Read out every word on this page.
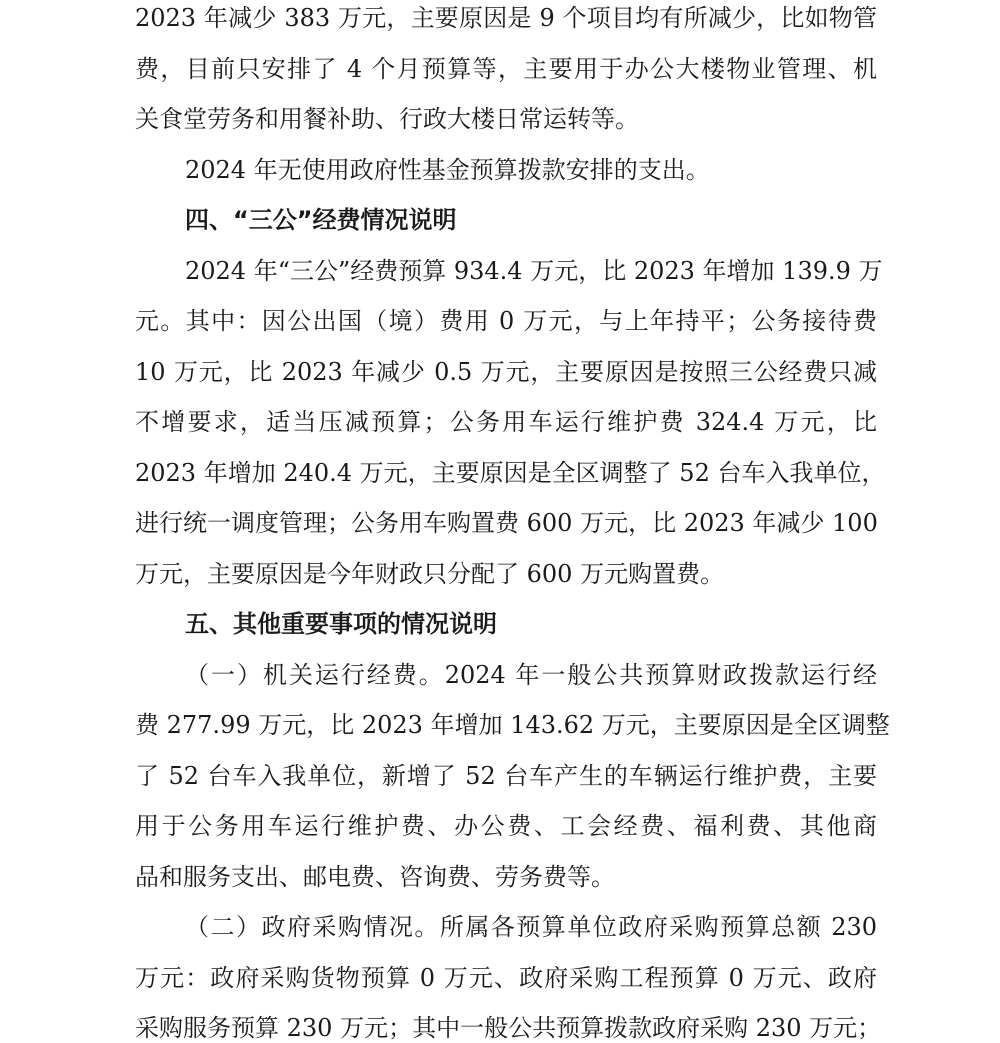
2023 年减少 383 万元，主要原因是 9 个项目均有所减少，比如物管
费，目前只安排了 4 个月预算等，主要用于办公大楼物业管理、机
关食堂劳务和用餐补助、行政大楼日常运转等。
2024 年无使用政府性基金预算拨款安排的支出。
四、“三公”经费情况说明
2024 年“三公”经费预算 934.4 万元，比 2023 年增加 139.9 万
元。其中：因公出国（境）费用 0 万元，与上年持平；公务接待费
10 万元，比 2023 年减少 0.5 万元，主要原因是按照三公经费只减
不增要求，适当压减预算；公务用车运行维护费 324.4 万元，比
2023 年增加 240.4 万元，主要原因是全区调整了 52 台车入我单位，
进行统一调度管理；公务用车购置费 600 万元，比 2023 年减少 100
万元，主要原因是今年财政只分配了 600 万元购置费。
五、其他重要事项的情况说明
（一）机关运行经费。2024 年一般公共预算财政拨款运行经
费 277.99 万元，比 2023 年增加 143.62 万元，主要原因是全区调整
了 52 台车入我单位，新增了 52 台车产生的车辆运行维护费，主要
用于公务用车运行维护费、办公费、工会经费、福利费、其他商
品和服务支出、邮电费、咨询费、劳务费等。
（二）政府采购情况。所属各预算单位政府采购预算总额 230
万元：政府采购货物预算 0 万元、政府采购工程预算 0 万元、政府
采购服务预算 230 万元；其中一般公共预算拨款政府采购 230 万元；
